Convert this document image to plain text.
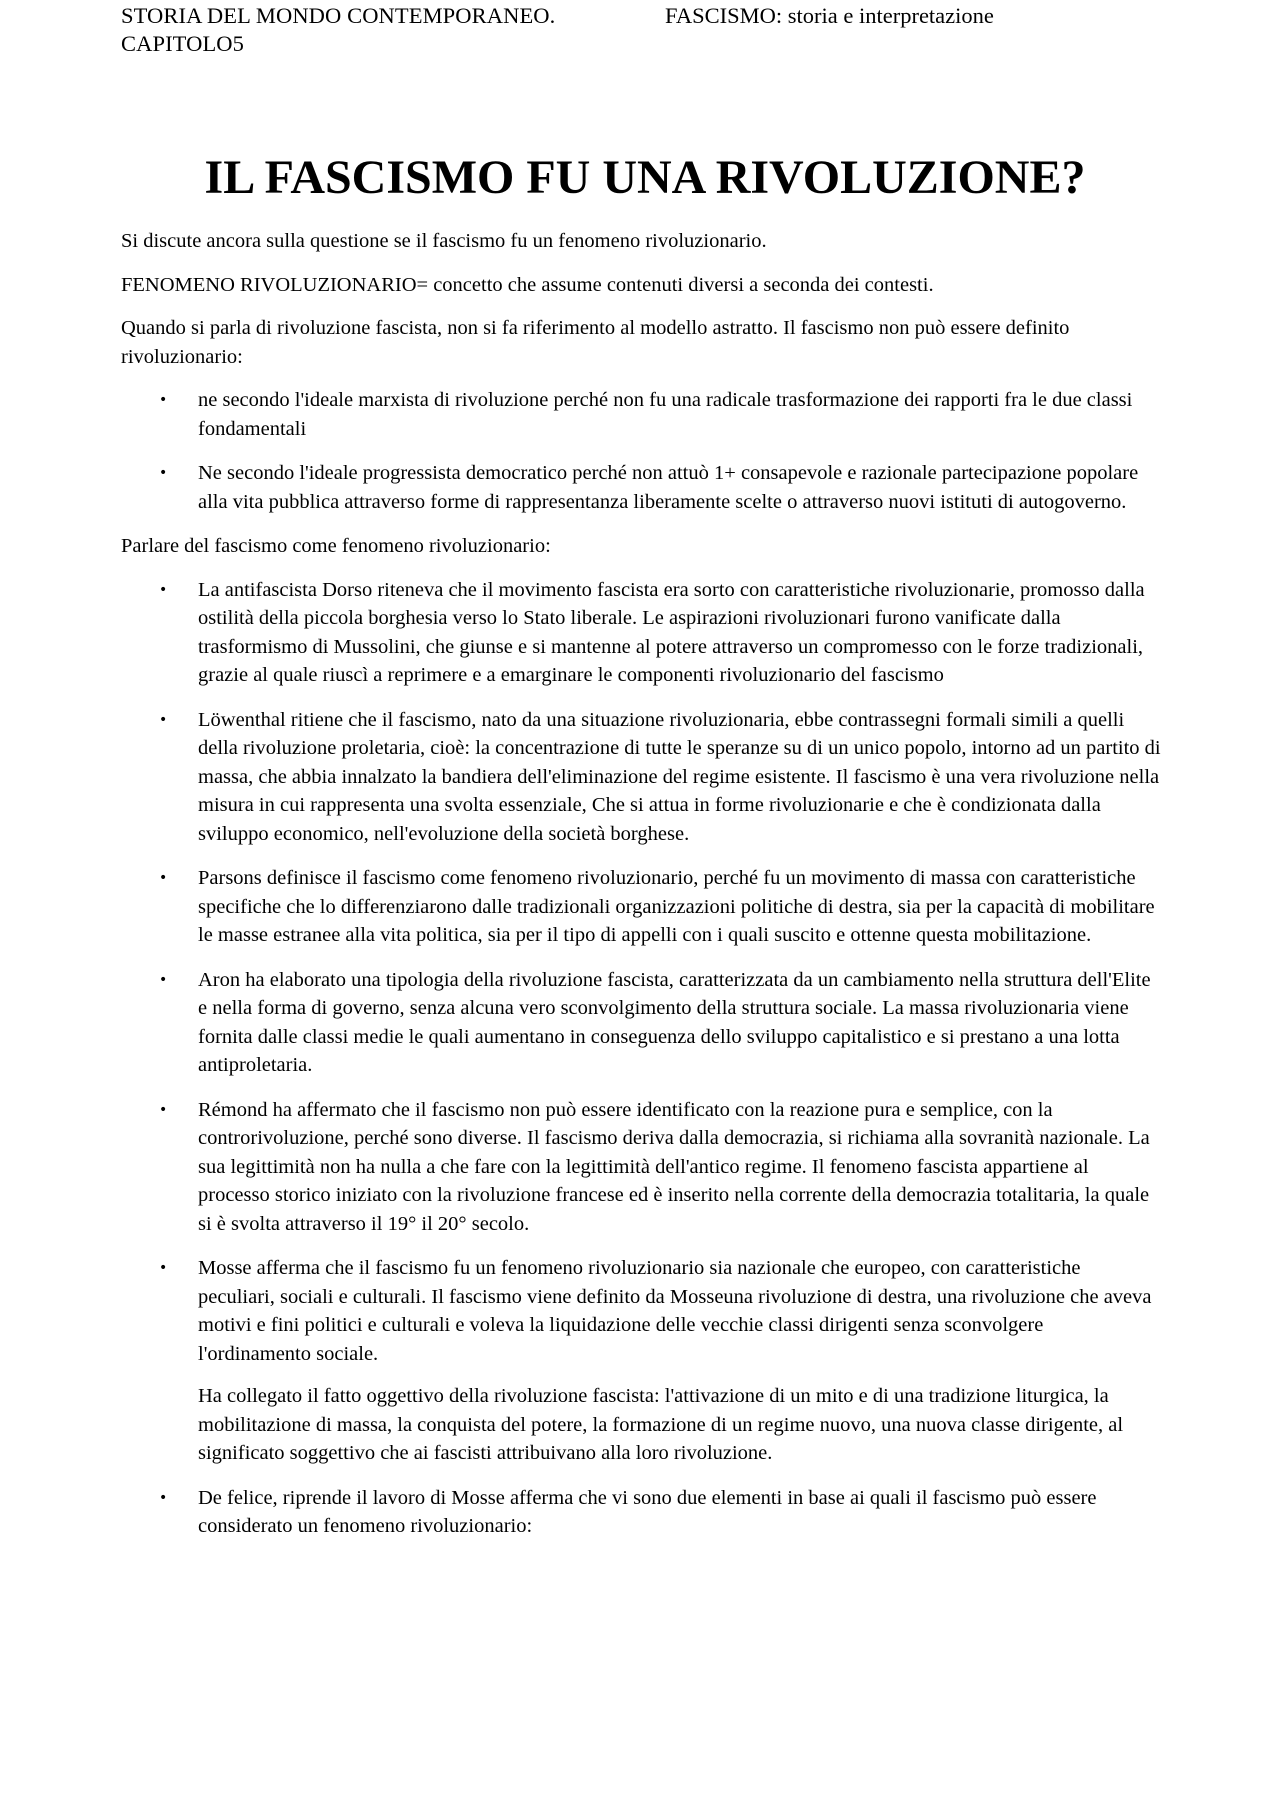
STORIA DEL MONDO CONTEMPORANEO. CAPITOLO5
FASCISMO: storia e interpretazione
IL FASCISMO FU UNA RIVOLUZIONE?

Si discute ancora sulla questione se il fascismo fu un fenomeno rivoluzionario.

FENOMENO RIVOLUZIONARIO= concetto che assume contenuti diversi a seconda dei contesti.

Quando si parla di rivoluzione fascista, non si fa riferimento al modello astratto. Il fascismo non può essere definito rivoluzionario:

• ne secondo l'ideale marxista di rivoluzione perché non fu una radicale trasformazione dei rapporti fra le due classi fondamentali
• Ne secondo l'ideale progressista democratico perché non attuò 1+ consapevole e razionale partecipazione popolare alla vita pubblica attraverso forme di rappresentanza liberamente scelte o attraverso nuovi istituti di autogoverno.

Parlare del fascismo come fenomeno rivoluzionario:

• La antifascista Dorso riteneva che il movimento fascista era sorto con caratteristiche rivoluzionarie, promosso dalla ostilità della piccola borghesia verso lo Stato liberale. Le aspirazioni rivoluzionari furono vanificate dalla trasformismo di Mussolini, che giunse e si mantenne al potere attraverso un compromesso con le forze tradizionali, grazie al quale riuscì a reprimere e a emarginare le componenti rivoluzionario del fascismo
• Löwenthal ritiene che il fascismo, nato da una situazione rivoluzionaria, ebbe contrassegni formali simili a quelli della rivoluzione proletaria, cioè: la concentrazione di tutte le speranze su di un unico popolo, intorno ad un partito di massa, che abbia innalzato la bandiera dell'eliminazione del regime esistente. Il fascismo è una vera rivoluzione nella misura in cui rappresenta una svolta essenziale, Che si attua in forme rivoluzionarie e che è condizionata dalla sviluppo economico, nell'evoluzione della società borghese.
• Parsons definisce il fascismo come fenomeno rivoluzionario, perché fu un movimento di massa con caratteristiche specifiche che lo differenziarono dalle tradizionali organizzazioni politiche di destra, sia per la capacità di mobilitare le masse estranee alla vita politica, sia per il tipo di appelli con i quali suscito e ottenne questa mobilitazione.
• Aron ha elaborato una tipologia della rivoluzione fascista, caratterizzata da un cambiamento nella struttura dell'Elite e nella forma di governo, senza alcuna vero sconvolgimento della struttura sociale. La massa rivoluzionaria viene fornita dalle classi medie le quali aumentano in conseguenza dello sviluppo capitalistico e si prestano a una lotta antiproletaria.
• Rémond ha affermato che il fascismo non può essere identificato con la reazione pura e semplice, con la controrivoluzione, perché sono diverse. Il fascismo deriva dalla democrazia, si richiama alla sovranità nazionale. La sua legittimità non ha nulla a che fare con la legittimità dell'antico regime. Il fenomeno fascista appartiene al processo storico iniziato con la rivoluzione francese ed è inserito nella corrente della democrazia totalitaria, la quale si è svolta attraverso il 19° il 20° secolo.
• Mosse afferma che il fascismo fu un fenomeno rivoluzionario sia nazionale che europeo, con caratteristiche peculiari, sociali e culturali. Il fascismo viene definito da Mosseuna rivoluzione di destra, una rivoluzione che aveva motivi e fini politici e culturali e voleva la liquidazione delle vecchie classi dirigenti senza sconvolgere l'ordinamento sociale.
Ha collegato il fatto oggettivo della rivoluzione fascista: l'attivazione di un mito e di una tradizione liturgica, la mobilitazione di massa, la conquista del potere, la formazione di un regime nuovo, una nuova classe dirigente, al significato soggettivo che ai fascisti attribuivano alla loro rivoluzione.
• De felice, riprende il lavoro di Mosse afferma che vi sono due elementi in base ai quali il fascismo può essere considerato un fenomeno rivoluzionario:
